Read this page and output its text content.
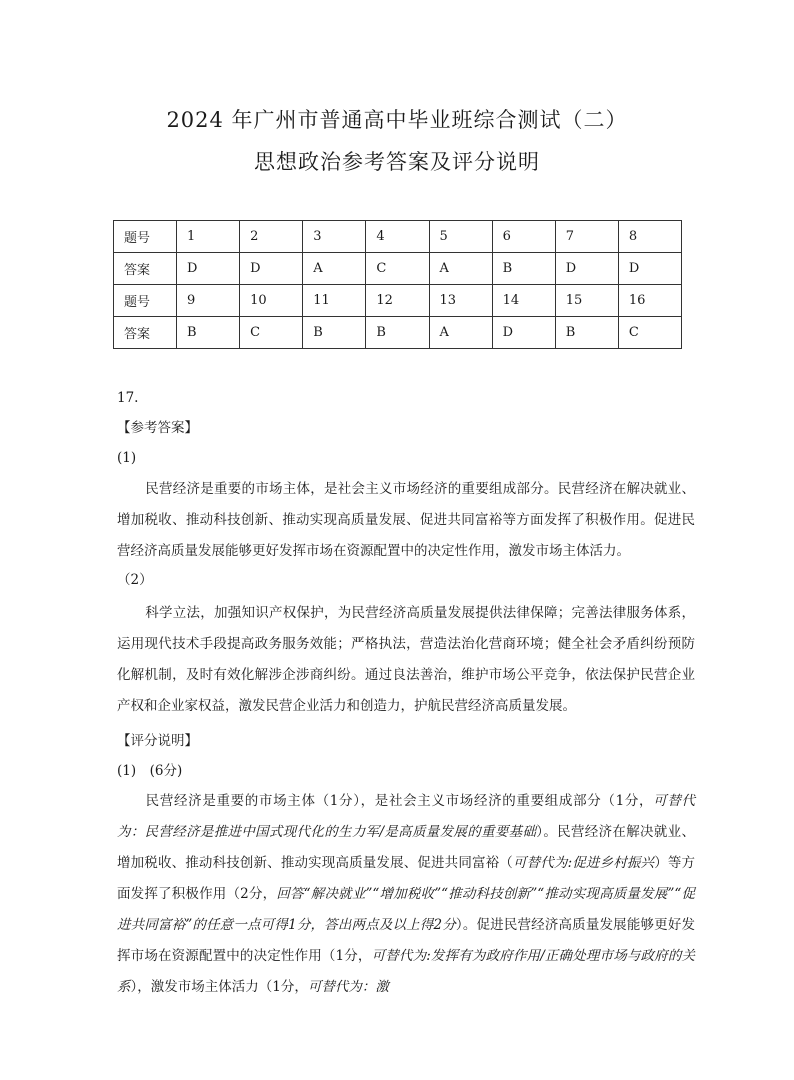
2024 年广州市普通高中毕业班综合测试（二）
思想政治参考答案及评分说明
题号	1	2	3	4	5	6	7	8
答案	D	D	A	C	A	B	D	D
题号	9	10	11	12	13	14	15	16
答案	B	C	B	B	A	D	B	C
17.
【参考答案】
(1)
民营经济是重要的市场主体，是社会主义市场经济的重要组成部分。民营经济在解决就业、增加税收、推动科技创新、推动实现高质量发展、促进共同富裕等方面发挥了积极作用。促进民营经济高质量发展能够更好发挥市场在资源配置中的决定性作用，激发市场主体活力。
（2）
科学立法，加强知识产权保护，为民营经济高质量发展提供法律保障；完善法律服务体系，运用现代技术手段提高政务服务效能；严格执法，营造法治化营商环境；健全社会矛盾纠纷预防化解机制，及时有效化解涉企涉商纠纷。通过良法善治，维护市场公平竞争，依法保护民营企业产权和企业家权益，激发民营企业活力和创造力，护航民营经济高质量发展。
【评分说明】
(1)　(6分)
民营经济是重要的市场主体（1分），是社会主义市场经济的重要组成部分（1分，可替代为：民营经济是推进中国式现代化的生力军/是高质量发展的重要基础）。民营经济在解决就业、增加税收、推动科技创新、推动实现高质量发展、促进共同富裕（可替代为:促进乡村振兴）等方面发挥了积极作用（2分，回答“解决就业”“增加税收”“推动科技创新”“推动实现高质量发展”“促进共同富裕”的任意一点可得1分，答出两点及以上得2分）。促进民营经济高质量发展能够更好发挥市场在资源配置中的决定性作用（1分，可替代为:发挥有为政府作用/正确处理市场与政府的关系），激发市场主体活力（1分，可替代为：激
